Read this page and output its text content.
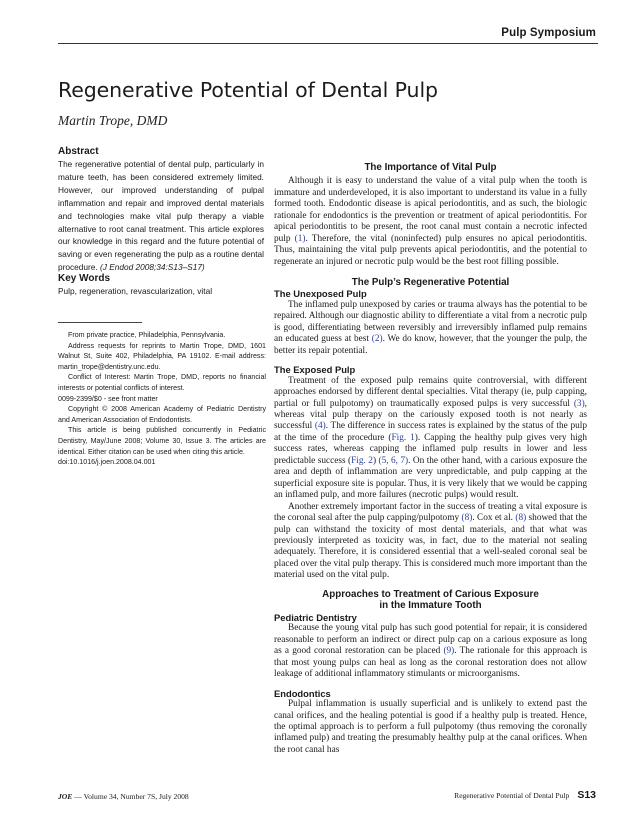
Pulp Symposium
Regenerative Potential of Dental Pulp
Martin Trope, DMD
Abstract

The regenerative potential of dental pulp, particularly in mature teeth, has been considered extremely limited. However, our improved understanding of pulpal inflammation and repair and improved dental materials and technologies make vital pulp therapy a viable alternative to root canal treatment. This article explores our knowledge in this regard and the future potential of saving or even regenerating the pulp as a routine dental procedure. (J Endod 2008;34:S13–S17)

Key Words

Pulp, regeneration, revascularization, vital

From private practice, Philadelphia, Pennsylvania.

Address requests for reprints to Martin Trope, DMD, 1601 Walnut St, Suite 402, Philadelphia, PA 19102. E-mail address: martin_trope@dentistry.unc.edu.

Conflict of Interest: Martin Trope, DMD, reports no financial interests or potential conflicts of interest.

0099-2399/$0 - see front matter

Copyright © 2008 American Academy of Pediatric Dentistry and American Association of Endodontists.

This article is being published concurrently in Pediatric Dentistry, May/June 2008; Volume 30, Issue 3. The articles are identical. Either citation can be used when citing this article.

doi:10.1016/j.joen.2008.04.001

The Importance of Vital Pulp

Although it is easy to understand the value of a vital pulp when the tooth is immature and underdeveloped, it is also important to understand its value in a fully formed tooth. Endodontic disease is apical periodontitis, and as such, the biologic rationale for endodontics is the prevention or treatment of apical periodontitis. For apical periodontitis to be present, the root canal must contain a necrotic infected pulp (1). Therefore, the vital (noninfected) pulp ensures no apical periodontitis. Thus, maintaining the vital pulp prevents apical periodontitis, and the potential to regenerate an injured or necrotic pulp would be the best root filling possible.

The Pulp’s Regenerative Potential
The Unexposed Pulp

The inflamed pulp unexposed by caries or trauma always has the potential to be repaired. Although our diagnostic ability to differentiate a vital from a necrotic pulp is good, differentiating between reversibly and irreversibly inflamed pulp remains an educated guess at best (2). We do know, however, that the younger the pulp, the better its repair potential.

The Exposed Pulp

Treatment of the exposed pulp remains quite controversial, with different approaches endorsed by different dental specialties. Vital therapy (ie, pulp capping, partial or full pulpotomy) on traumatically exposed pulps is very successful (3), whereas vital pulp therapy on the cariously exposed tooth is not nearly as successful (4). The difference in success rates is explained by the status of the pulp at the time of the procedure (Fig. 1). Capping the healthy pulp gives very high success rates, whereas capping the inflamed pulp results in lower and less predictable success (Fig. 2) (5, 6, 7). On the other hand, with a carious exposure the area and depth of inflammation are very unpredictable, and pulp capping at the superficial exposure site is popular. Thus, it is very likely that we would be capping an inflamed pulp, and more failures (necrotic pulps) would result.

Another extremely important factor in the success of treating a vital exposure is the coronal seal after the pulp capping/pulpotomy (8). Cox et al. (8) showed that the pulp can withstand the toxicity of most dental materials, and that what was previously interpreted as toxicity was, in fact, due to the material not sealing adequately. Therefore, it is considered essential that a well-sealed coronal seal be placed over the vital pulp therapy. This is considered much more important than the material used on the vital pulp.

Approaches to Treatment of Carious Exposure
in the Immature Tooth
Pediatric Dentistry

Because the young vital pulp has such good potential for repair, it is considered reasonable to perform an indirect or direct pulp cap on a carious exposure as long as a good coronal restoration can be placed (9). The rationale for this approach is that most young pulps can heal as long as the coronal restoration does not allow leakage of additional inflammatory stimulants or microorganisms.

Endodontics

Pulpal inflammation is usually superficial and is unlikely to extend past the canal orifices, and the healing potential is good if a healthy pulp is treated. Hence, the optimal approach is to perform a full pulpotomy (thus removing the coronally inflamed pulp) and treating the presumably healthy pulp at the canal orifices. When the root canal has

JOE — Volume 34, Number 7S, July 2008	Regenerative Potential of Dental Pulp S13
